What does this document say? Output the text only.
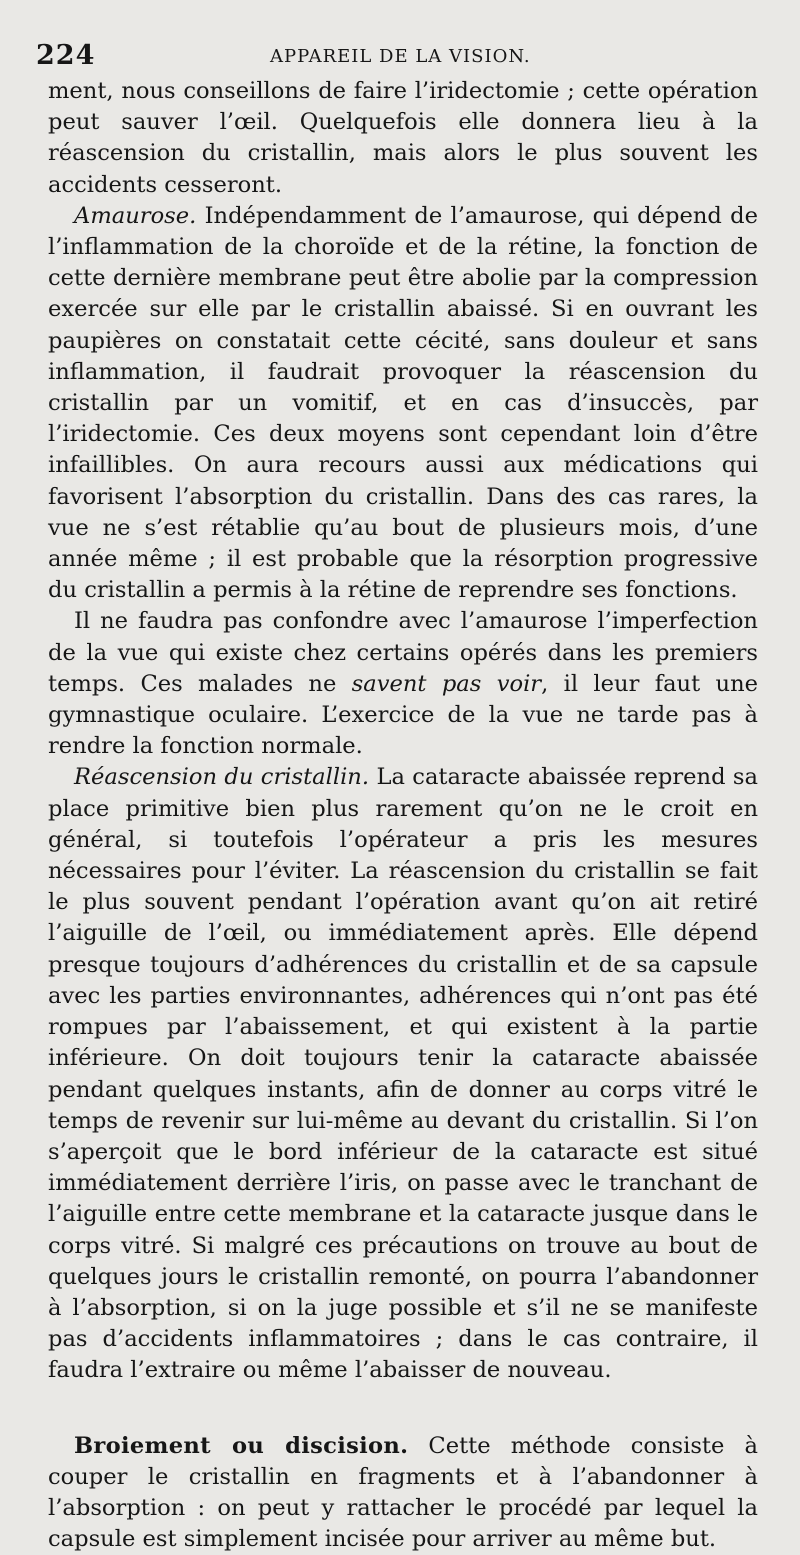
224	APPAREIL DE LA VISION.

ment, nous conseillons de faire l’iridectomie ; cette opération peut sauver l’œil. Quelquefois elle donnera lieu à la réascension du cristallin, mais alors le plus souvent les accidents cesseront.

Amaurose. Indépendamment de l’amaurose, qui dépend de l’inflammation de la choroïde et de la rétine, la fonction de cette dernière membrane peut être abolie par la compression exercée sur elle par le cristallin abaissé. Si en ouvrant les paupières on constatait cette cécité, sans douleur et sans inflammation, il faudrait provoquer la réascension du cristallin par un vomitif, et en cas d’insuccès, par l’iridectomie. Ces deux moyens sont cependant loin d’être infaillibles. On aura recours aussi aux médications qui favorisent l’absorption du cristallin. Dans des cas rares, la vue ne s’est rétablie qu’au bout de plusieurs mois, d’une année même ; il est probable que la résorption progressive du cristallin a permis à la rétine de reprendre ses fonctions.

Il ne faudra pas confondre avec l’amaurose l’imperfection de la vue qui existe chez certains opérés dans les premiers temps. Ces malades ne savent pas voir, il leur faut une gymnastique oculaire. L’exercice de la vue ne tarde pas à rendre la fonction normale.

Réascension du cristallin. La cataracte abaissée reprend sa place primitive bien plus rarement qu’on ne le croit en général, si toutefois l’opérateur a pris les mesures nécessaires pour l’éviter. La réascension du cristallin se fait le plus souvent pendant l’opération avant qu’on ait retiré l’aiguille de l’œil, ou immédiatement après. Elle dépend presque toujours d’adhérences du cristallin et de sa capsule avec les parties environnantes, adhérences qui n’ont pas été rompues par l’abaissement, et qui existent à la partie inférieure. On doit toujours tenir la cataracte abaissée pendant quelques instants, afin de donner au corps vitré le temps de revenir sur lui-même au devant du cristallin. Si l’on s’aperçoit que le bord inférieur de la cataracte est situé immédiatement derrière l’iris, on passe avec le tranchant de l’aiguille entre cette membrane et la cataracte jusque dans le corps vitré. Si malgré ces précautions on trouve au bout de quelques jours le cristallin remonté, on pourra l’abandonner à l’absorption, si on la juge possible et s’il ne se manifeste pas d’accidents inflammatoires ; dans le cas contraire, il faudra l’extraire ou même l’abaisser de nouveau.

Broiement ou discision. Cette méthode consiste à couper le cristallin en fragments et à l’abandonner à l’absorption : on peut y rattacher le procédé par lequel la capsule est simplement incisée pour arriver au même but.
